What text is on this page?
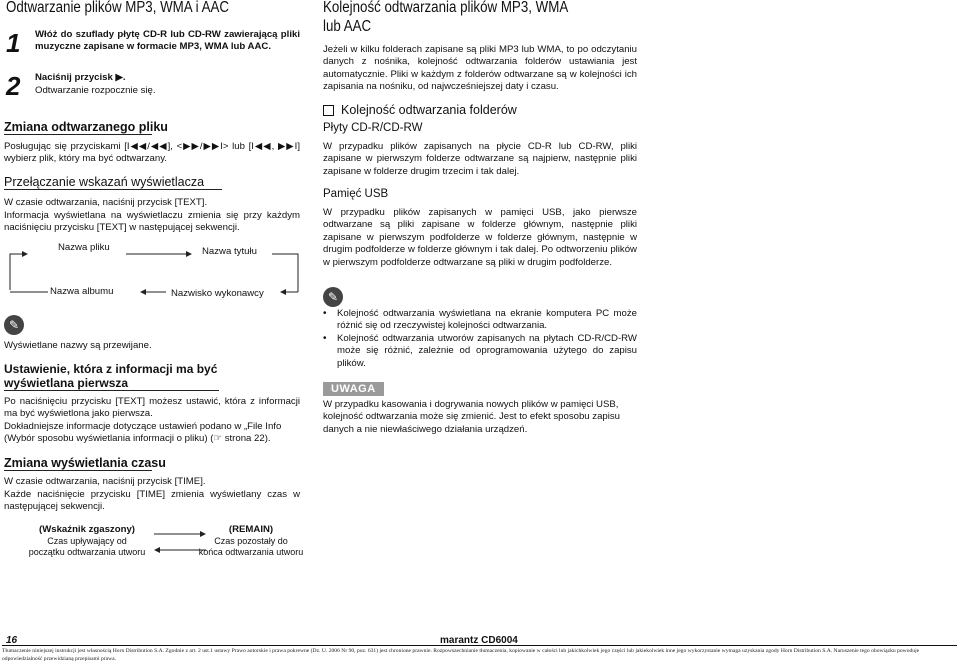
Odtwarzanie plików MP3, WMA i AAC
1 Włóż do szuflady płytę CD-R lub CD-RW zawierającą pliki muzyczne zapisane w formacie MP3, WMA lub AAC.
2 Naciśnij przycisk ▶.
Odtwarzanie rozpocznie się.
Zmiana odtwarzanego pliku
Posługując się przyciskami [I◀◀/◀◀], <▶▶/▶▶I> lub [I◀◀, ▶▶I] wybierz plik, który ma być odtwarzany.
Przełączanie wskazań wyświetlacza
W czasie odtwarzania, naciśnij przycisk [TEXT].
Informacja wyświetlana na wyświetlaczu zmienia się przy każdym naciśnięciu przycisku [TEXT] w następującej sekwencji.
Nazwa pliku	Nazwa tytułu
Nazwa albumu	Nazwisko wykonawcy
✎
Wyświetlane nazwy są przewijane.
Ustawienie, która z informacji ma być
wyświetlana pierwsza
Po naciśnięciu przycisku [TEXT] możesz ustawić, która z informacji ma być wyświetlona jako pierwsza.
Dokładniejsze informacje dotyczące ustawień podano w „File Info (Wybór sposobu wyświetlania informacji o pliku) (☞ strona 22).
Zmiana wyświetlania czasu
W czasie odtwarzania, naciśnij przycisk [TIME].
Każde naciśnięcie przycisku [TIME] zmienia wyświetlany czas w następującej sekwencji.
(Wskaźnik zgaszony)
Czas upływający od
początku odtwarzania utworu
(REMAIN)
Czas pozostały do
końca odtwarzania utworu
Kolejność odtwarzania plików MP3, WMA
lub AAC
Jeżeli w kilku folderach zapisane są pliki MP3 lub WMA, to po odczytaniu danych z nośnika, kolejność odtwarzania folderów ustawiania jest automatycznie. Pliki w każdym z folderów odtwarzane są w kolejności ich zapisania na nośniku, od najwcześniejszej daty i czasu.
Kolejność odtwarzania folderów
Płyty CD-R/CD-RW
W przypadku plików zapisanych na płycie CD-R lub CD-RW, pliki zapisane w pierwszym folderze odtwarzane są najpierw, następnie pliki zapisane w folderze drugim trzecim i tak dalej.
Pamięć USB
W przypadku plików zapisanych w pamięci USB, jako pierwsze odtwarzane są pliki zapisane w folderze głównym, następnie pliki zapisane w pierwszym podfolderze w folderze głównym, następnie w drugim podfolderze w folderze głównym i tak dalej. Po odtworzeniu plików w pierwszym podfolderze odtwarzane są pliki w drugim podfolderze.
✎
• Kolejność odtwarzania wyświetlana na ekranie komputera PC może różnić się od rzeczywistej kolejności odtwarzania.
• Kolejność odtwarzania utworów zapisanych na płytach CD-R/CD-RW może się różnić, zależnie od oprogramowania użytego do zapisu plików.
UWAGA
W przypadku kasowania i dogrywania nowych plików w pamięci USB, kolejność odtwarzania może się zmienić. Jest to efekt sposobu zapisu danych a nie niewłaściwego działania urządzeń.
16	marantz CD6004
Tłumaczenie niniejszej instrukcji jest własnością Horn Distribution S.A. Zgodnie z art. 2 ust.1 ustawy Prawo autorskie i prawa pokrewne (Dz. U. 2006 Nr 90, poz. 631) jest chronione prawnie. Rozpowszechnianie tłumaczenia, kopiowanie w całości lub jakichkolwiek jego części lub jakiekolwiek inne jego wykorzystanie wymaga uzyskania zgody Horn Distribution S.A. Naruszenie tego obowiązku powoduje odpowiedzialność przewidzianą przepisami prawa.
